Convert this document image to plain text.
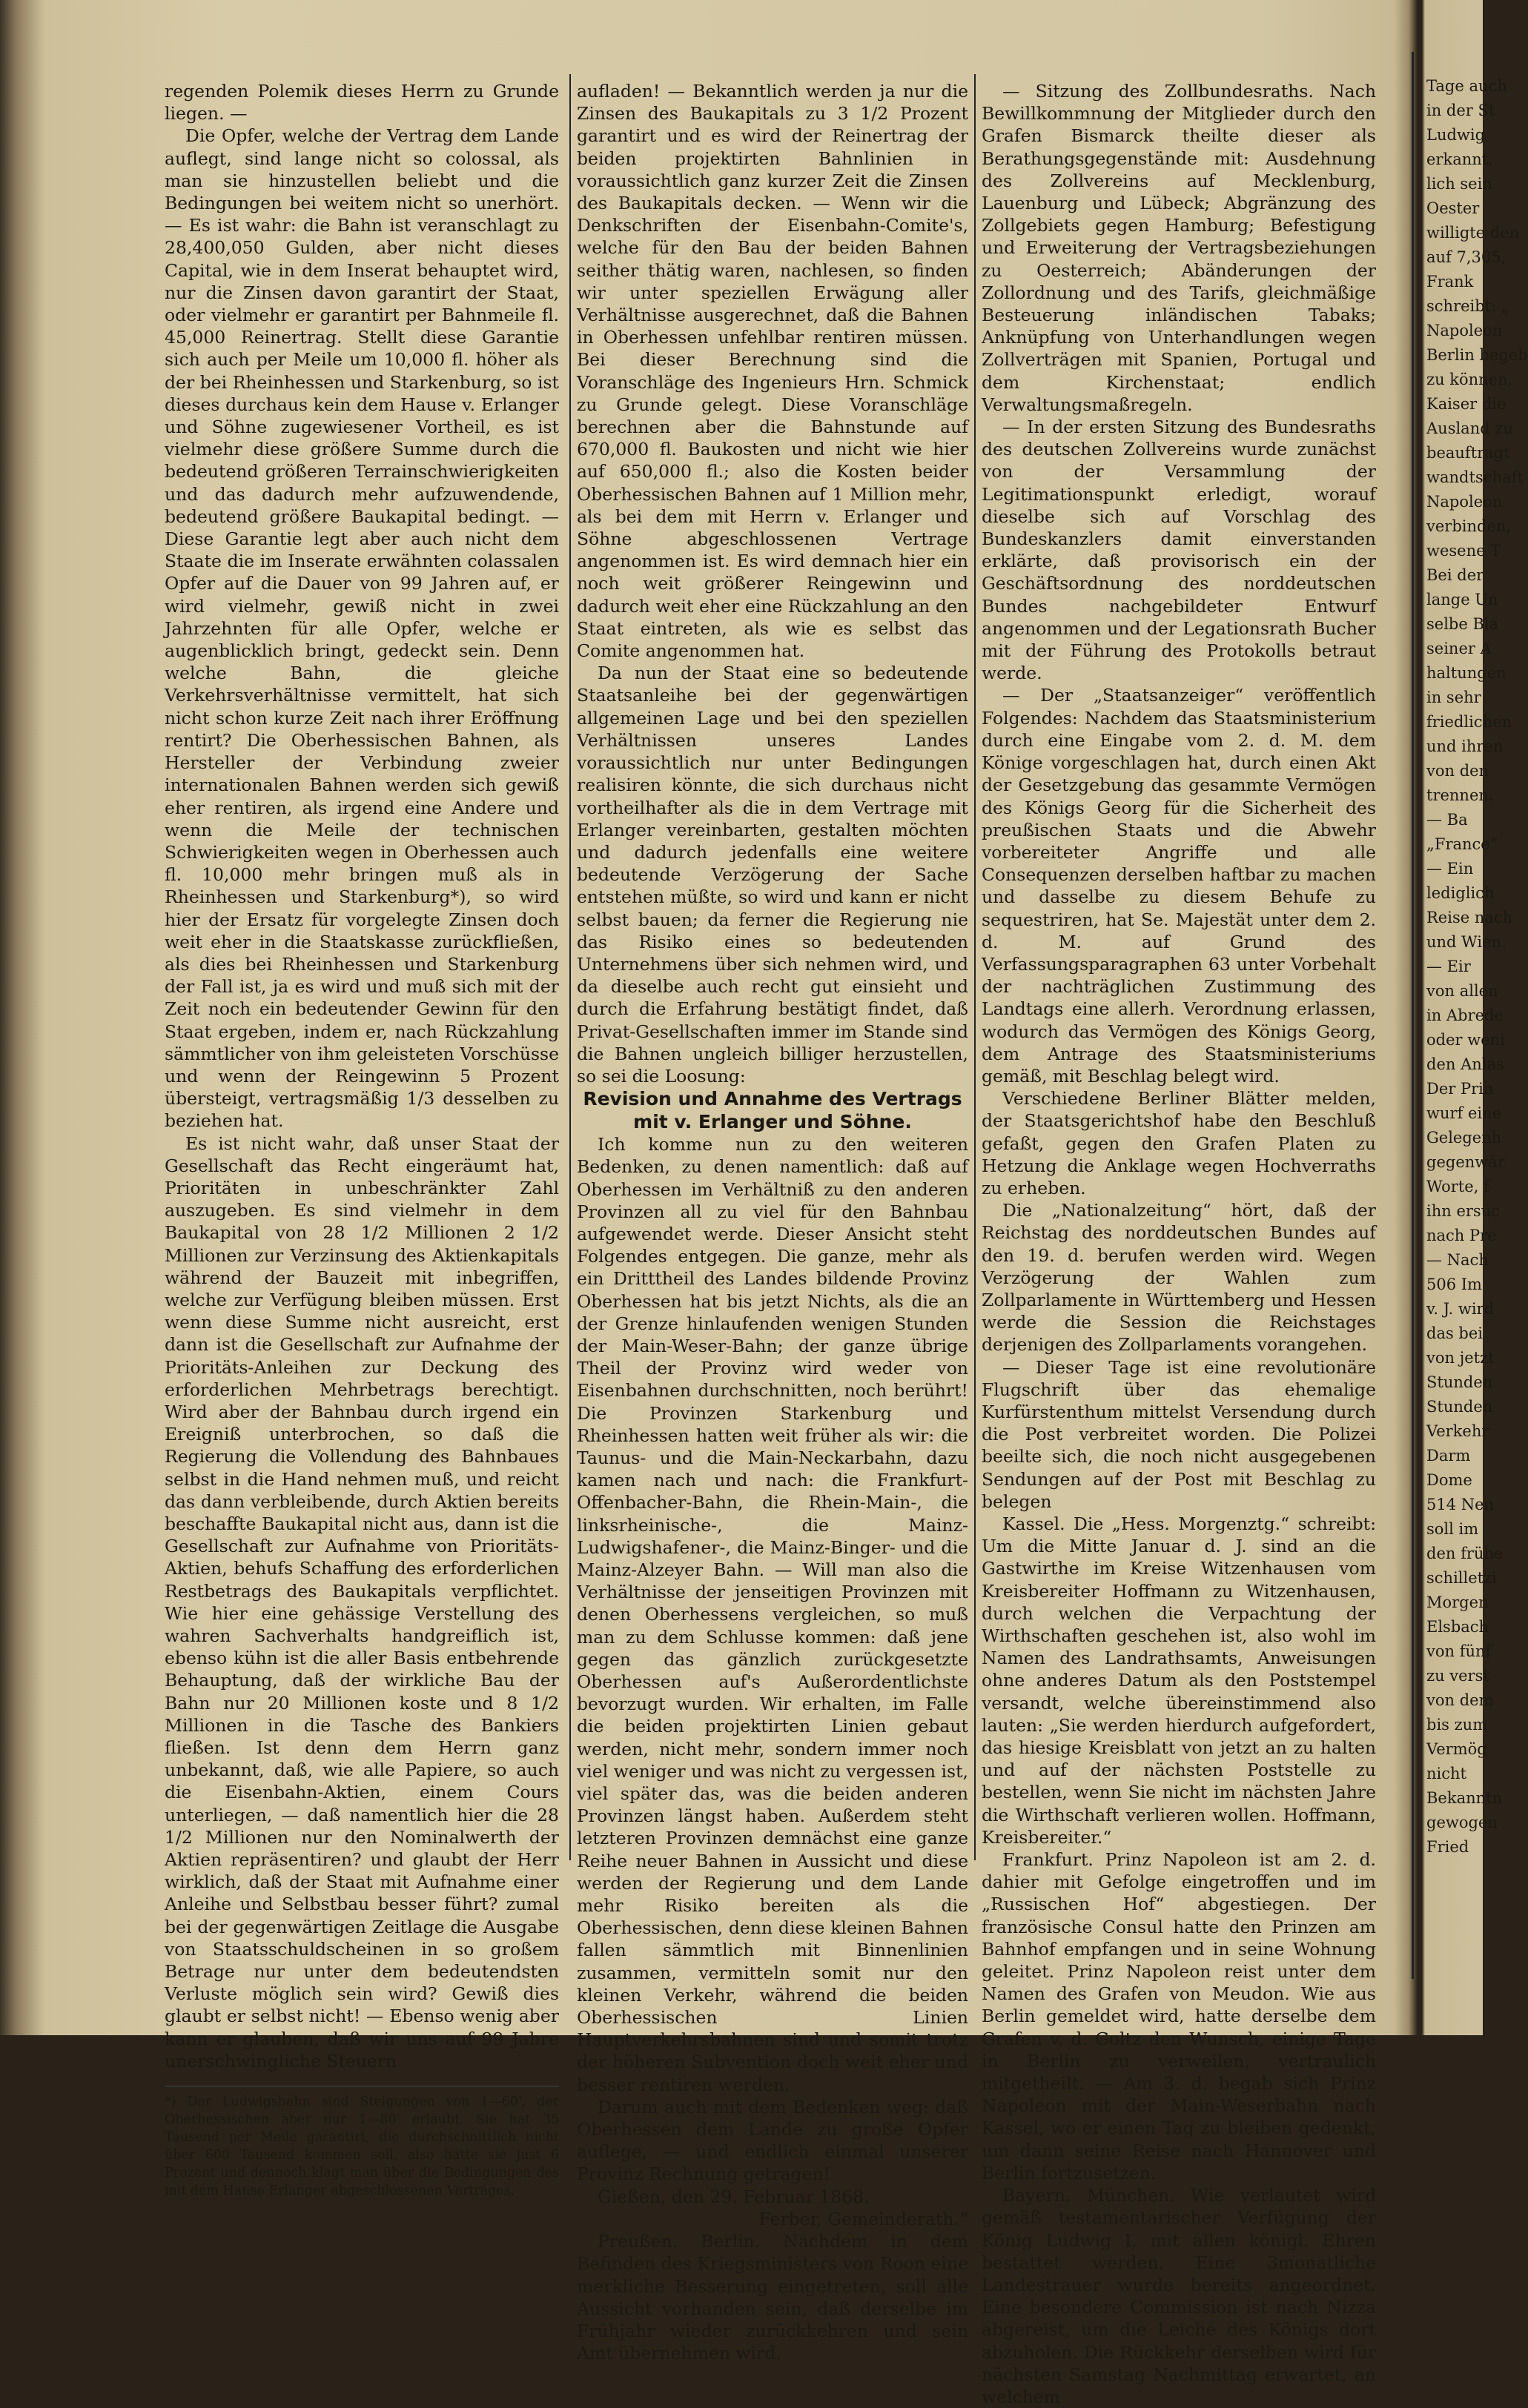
regenden Polemik dieses Herrn zu Grunde liegen. —

Die Opfer, welche der Vertrag dem Lande auflegt, sind lange nicht so colossal, als man sie hinzustellen beliebt und die Bedingungen bei weitem nicht so unerhört. — Es ist wahr: die Bahn ist veranschlagt zu 28,400,050 Gulden, aber nicht dieses Capital, wie in dem Inserat behauptet wird, nur die Zinsen davon garantirt der Staat, oder vielmehr er garantirt per Bahnmeile fl. 45,000 Reinertrag. Stellt diese Garantie sich auch per Meile um 10,000 fl. höher als der bei Rheinhessen und Starkenburg, so ist dieses durchaus kein dem Hause v. Erlanger und Söhne zugewiesener Vortheil, es ist vielmehr diese größere Summe durch die bedeutend größeren Terrainschwierigkeiten und das dadurch mehr aufzuwendende, bedeutend größere Baukapital bedingt. — Diese Garantie legt aber auch nicht dem Staate die im Inserate erwähnten colassalen Opfer auf die Dauer von 99 Jahren auf, er wird vielmehr, gewiß nicht in zwei Jahrzehnten für alle Opfer, welche er augenblicklich bringt, gedeckt sein. Denn welche Bahn, die gleiche Verkehrsverhältnisse vermittelt, hat sich nicht schon kurze Zeit nach ihrer Eröffnung rentirt? Die Oberhessischen Bahnen, als Hersteller der Verbindung zweier internationalen Bahnen werden sich gewiß eher rentiren, als irgend eine Andere und wenn die Meile der technischen Schwierigkeiten wegen in Oberhessen auch fl. 10,000 mehr bringen muß als in Rheinhessen und Starkenburg*), so wird hier der Ersatz für vorgelegte Zinsen doch weit eher in die Staatskasse zurückfließen, als dies bei Rheinhessen und Starkenburg der Fall ist, ja es wird und muß sich mit der Zeit noch ein bedeutender Gewinn für den Staat ergeben, indem er, nach Rückzahlung sämmtlicher von ihm geleisteten Vorschüsse und wenn der Reingewinn 5 Prozent übersteigt, vertragsmäßig 1/3 desselben zu beziehen hat.

Es ist nicht wahr, daß unser Staat der Gesellschaft das Recht eingeräumt hat, Prioritäten in unbeschränkter Zahl auszugeben. Es sind vielmehr in dem Baukapital von 28 1/2 Millionen 2 1/2 Millionen zur Verzinsung des Aktienkapitals während der Bauzeit mit inbegriffen, welche zur Verfügung bleiben müssen. Erst wenn diese Summe nicht ausreicht, erst dann ist die Gesellschaft zur Aufnahme der Prioritäts-Anleihen zur Deckung des erforderlichen Mehrbetrags berechtigt. Wird aber der Bahnbau durch irgend ein Ereigniß unterbrochen, so daß die Regierung die Vollendung des Bahnbaues selbst in die Hand nehmen muß, und reicht das dann verbleibende, durch Aktien bereits beschaffte Baukapital nicht aus, dann ist die Gesellschaft zur Aufnahme von Prioritäts-Aktien, behufs Schaffung des erforderlichen Restbetrags des Baukapitals verpflichtet. Wie hier eine gehässige Verstellung des wahren Sachverhalts handgreiflich ist, ebenso kühn ist die aller Basis entbehrende Behauptung, daß der wirkliche Bau der Bahn nur 20 Millionen koste und 8 1/2 Millionen in die Tasche des Bankiers fließen. Ist denn dem Herrn ganz unbekannt, daß, wie alle Papiere, so auch die Eisenbahn-Aktien, einem Cours unterliegen, — daß namentlich hier die 28 1/2 Millionen nur den Nominalwerth der Aktien repräsentiren? und glaubt der Herr wirklich, daß der Staat mit Aufnahme einer Anleihe und Selbstbau besser führt? zumal bei der gegenwärtigen Zeitlage die Ausgabe von Staatsschuldscheinen in so großem Betrage nur unter dem bedeutendsten Verluste möglich sein wird? Gewiß dies glaubt er selbst nicht! — Ebenso wenig aber kann er glauben, daß wir uns auf 99 Jahre unerschwingliche Steuern

*) Der Ludwigsbahn sind Steigungen von 1—60', der Oberhessischen aber nur 1—80' erlaubt. Sie hat 35 Tausend per Meile garantirt, die durchschnittlich nicht über 600 Tausend kommen soll, also hätte sie just 6 Prozent und dennoch klagt man über die Bedingungen des mit dem Hause Erlanger abgeschlossenen Vertrages.

aufladen! — Bekanntlich werden ja nur die Zinsen des Baukapitals zu 3 1/2 Prozent garantirt und es wird der Reinertrag der beiden projektirten Bahnlinien in voraussichtlich ganz kurzer Zeit die Zinsen des Baukapitals decken. — Wenn wir die Denkschriften der Eisenbahn-Comite's, welche für den Bau der beiden Bahnen seither thätig waren, nachlesen, so finden wir unter speziellen Erwägung aller Verhältnisse ausgerechnet, daß die Bahnen in Oberhessen unfehlbar rentiren müssen. Bei dieser Berechnung sind die Voranschläge des Ingenieurs Hrn. Schmick zu Grunde gelegt. Diese Voranschläge berechnen aber die Bahnstunde auf 670,000 fl. Baukosten und nicht wie hier auf 650,000 fl.; also die Kosten beider Oberhessischen Bahnen auf 1 Million mehr, als bei dem mit Herrn v. Erlanger und Söhne abgeschlossenen Vertrage angenommen ist. Es wird demnach hier ein noch weit größerer Reingewinn und dadurch weit eher eine Rückzahlung an den Staat eintreten, als wie es selbst das Comite angenommen hat.

Da nun der Staat eine so bedeutende Staatsanleihe bei der gegenwärtigen allgemeinen Lage und bei den speziellen Verhältnissen unseres Landes voraussichtlich nur unter Bedingungen realisiren könnte, die sich durchaus nicht vortheilhafter als die in dem Vertrage mit Erlanger vereinbarten, gestalten möchten und dadurch jedenfalls eine weitere bedeutende Verzögerung der Sache entstehen müßte, so wird und kann er nicht selbst bauen; da ferner die Regierung nie das Risiko eines so bedeutenden Unternehmens über sich nehmen wird, und da dieselbe auch recht gut einsieht und durch die Erfahrung bestätigt findet, daß Privat-Gesellschaften immer im Stande sind die Bahnen ungleich billiger herzustellen, so sei die Loosung:

Revision und Annahme des Vertrags mit v. Erlanger und Söhne.

Ich komme nun zu den weiteren Bedenken, zu denen namentlich: daß auf Oberhessen im Verhältniß zu den anderen Provinzen all zu viel für den Bahnbau aufgewendet werde. Dieser Ansicht steht Folgendes entgegen. Die ganze, mehr als ein Dritttheil des Landes bildende Provinz Oberhessen hat bis jetzt Nichts, als die an der Grenze hinlaufenden wenigen Stunden der Main-Weser-Bahn; der ganze übrige Theil der Provinz wird weder von Eisenbahnen durchschnitten, noch berührt! Die Provinzen Starkenburg und Rheinhessen hatten weit früher als wir: die Taunus- und die Main-Neckarbahn, dazu kamen nach und nach: die Frankfurt-Offenbacher-Bahn, die Rhein-Main-, die linksrheinische-, die Mainz-Ludwigshafener-, die Mainz-Binger- und die Mainz-Alzeyer Bahn. — Will man also die Verhältnisse der jenseitigen Provinzen mit denen Oberhessens vergleichen, so muß man zu dem Schlusse kommen: daß jene gegen das gänzlich zurückgesetzte Oberhessen auf's Außerordentlichste bevorzugt wurden. Wir erhalten, im Falle die beiden projektirten Linien gebaut werden, nicht mehr, sondern immer noch viel weniger und was nicht zu vergessen ist, viel später das, was die beiden anderen Provinzen längst haben. Außerdem steht letzteren Provinzen demnächst eine ganze Reihe neuer Bahnen in Aussicht und diese werden der Regierung und dem Lande mehr Risiko bereiten als die Oberhessischen, denn diese kleinen Bahnen fallen sämmtlich mit Binnenlinien zusammen, vermitteln somit nur den kleinen Verkehr, während die beiden Oberhessischen Linien Hauptverkehrsbahnen sind und somit trotz der höheren Subvention doch weit eher und besser rentiren werden.

Darum auch mit dem Bedenken weg: daß Oberhessen dem Lande zu große Opfer auflege, — und endlich einmal unserer Provinz Rechnung getragen!

Gießen, den 29. Februar 1868.

Ferber, Gemeinderath.“

Preußen. Berlin. Nachdem in dem Befinden des Kriegsministers von Roon eine merkliche Besserung eingetreten, soll alle Aussicht vorhanden sein, daß derselbe im Frühjahr wieder zurückkehren und sein Amt übernehmen wird.

— Sitzung des Zollbundesraths. Nach Bewillkommnung der Mitglieder durch den Grafen Bismarck theilte dieser als Berathungsgegenstände mit: Ausdehnung des Zollvereins auf Mecklenburg, Lauenburg und Lübeck; Abgränzung des Zollgebiets gegen Hamburg; Befestigung und Erweiterung der Vertragsbeziehungen zu Oesterreich; Abänderungen der Zollordnung und des Tarifs, gleichmäßige Besteuerung inländischen Tabaks; Anknüpfung von Unterhandlungen wegen Zollverträgen mit Spanien, Portugal und dem Kirchenstaat; endlich Verwaltungsmaßregeln.

— In der ersten Sitzung des Bundesraths des deutschen Zollvereins wurde zunächst von der Versammlung der Legitimationspunkt erledigt, worauf dieselbe sich auf Vorschlag des Bundeskanzlers damit einverstanden erklärte, daß provisorisch ein der Geschäftsordnung des norddeutschen Bundes nachgebildeter Entwurf angenommen und der Legationsrath Bucher mit der Führung des Protokolls betraut werde.

— Der „Staatsanzeiger“ veröffentlich Folgendes: Nachdem das Staatsministerium durch eine Eingabe vom 2. d. M. dem Könige vorgeschlagen hat, durch einen Akt der Gesetzgebung das gesammte Vermögen des Königs Georg für die Sicherheit des preußischen Staats und die Abwehr vorbereiteter Angriffe und alle Consequenzen derselben haftbar zu machen und dasselbe zu diesem Behufe zu sequestriren, hat Se. Majestät unter dem 2. d. M. auf Grund des Verfassungsparagraphen 63 unter Vorbehalt der nachträglichen Zustimmung des Landtags eine allerh. Verordnung erlassen, wodurch das Vermögen des Königs Georg, dem Antrage des Staatsministeriums gemäß, mit Beschlag belegt wird.

Verschiedene Berliner Blätter melden, der Staatsgerichtshof habe den Beschluß gefaßt, gegen den Grafen Platen zu Hetzung die Anklage wegen Hochverraths zu erheben.

Die „Nationalzeitung“ hört, daß der Reichstag des norddeutschen Bundes auf den 19. d. berufen werden wird. Wegen Verzögerung der Wahlen zum Zollparlamente in Württemberg und Hessen werde die Session die Reichstages derjenigen des Zollparlaments vorangehen.

— Dieser Tage ist eine revolutionäre Flugschrift über das ehemalige Kurfürstenthum mittelst Versendung durch die Post verbreitet worden. Die Polizei beeilte sich, die noch nicht ausgegebenen Sendungen auf der Post mit Beschlag zu belegen

Kassel. Die „Hess. Morgenztg.“ schreibt: Um die Mitte Januar d. J. sind an die Gastwirthe im Kreise Witzenhausen vom Kreisbereiter Hoffmann zu Witzenhausen, durch welchen die Verpachtung der Wirthschaften geschehen ist, also wohl im Namen des Landrathsamts, Anweisungen ohne anderes Datum als den Poststempel versandt, welche übereinstimmend also lauten: „Sie werden hierdurch aufgefordert, das hiesige Kreisblatt von jetzt an zu halten und auf der nächsten Poststelle zu bestellen, wenn Sie nicht im nächsten Jahre die Wirthschaft verlieren wollen. Hoffmann, Kreisbereiter.“

Frankfurt. Prinz Napoleon ist am 2. d. dahier mit Gefolge eingetroffen und im „Russischen Hof“ abgestiegen. Der französische Consul hatte den Prinzen am Bahnhof empfangen und in seine Wohnung geleitet. Prinz Napoleon reist unter dem Namen des Grafen von Meudon. Wie aus Berlin gemeldet wird, hatte derselbe dem Grafen v. d. Goltz den Wunsch, einige Tage in Berlin zu verweilen, vertraulich mitgetheilt. — Am 3. d. begab sich Prinz Napoleon mit der Main-Weserbahn nach Kassel, wo er einen Tag zu bleiben gedenkt, um dann seine Reise nach Hannover und Berlin fortzusetzen.

Bayern. München. Wie verlautet wird gemäß testamentarischer Verfügung der König Ludwig I. mit allen königl. Ehren bestattet werden. Eine 3monatliche Landestrauer wurde bereits angeordnet. Eine besondere Commission ist nach Nizza abgereist, um die Leiche des Königs dort abzuholen. Die Rückkehr derselben wird für nächsten Samstag Nachmittag erwartet, an welchem

Tage auch
in der St
Ludwig
erkannt.
lich sein
Oester
willigte den
auf 7,305,
Frank
schreibt: „
Napoleon
Berlin begeb
zu können,
Kaiser die
Ausland zu
beauftragt
wandtschaft
Napoleon
verbinden,
wesene T
Bei der
lange Un
selbe Bla
seiner A
haltungen
in sehr
friedlichen
und ihren
von den
trennen.
— Ba
„France“
— Ein
lediglich
Reise nach
und Wien.
— Eir
von allen
in Abrede
oder weni
den Anlas
Der Prin
wurf eine
Gelegenh
gegenwär
Worte, f
ihn ersuc
nach Pre
— Nach
506 Im
v. J. wird
das bei
von jetzt
Stunden
Stunden
Verkehr
Darm
Dome
514 Nen
soll im
den frühe
schilletzi
Morgen
Elsbach
von fünf
zu verst
von dem
bis zum
Vermög
nicht
Bekanntn
gewogen
Fried
